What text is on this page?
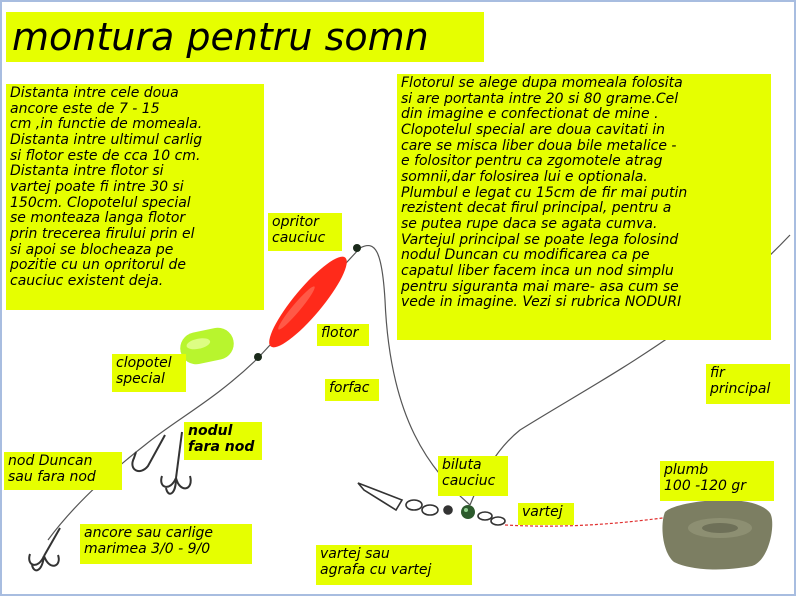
montura pentru somn
Distanta intre cele doua
ancore este de 7 - 15
cm ,in functie de momeala.
Distanta intre ultimul carlig
si flotor este de cca 10 cm.
Distanta intre flotor si
vartej poate fi intre 30 si
150cm. Clopotelul special
se monteaza langa flotor
prin trecerea firului prin el
si apoi se blocheaza pe
pozitie cu un opritorul de
cauciuc existent deja.
Flotorul se alege dupa momeala folosita
si are portanta intre 20 si 80 grame.Cel
din imagine e confectionat de mine .
Clopotelul special are doua cavitati in
care se misca liber doua bile metalice -
e folositor pentru ca zgomotele atrag
somnii,dar folosirea lui e optionala.
Plumbul e legat cu 15cm de fir mai putin
rezistent decat firul principal, pentru a
se putea rupe daca se agata cumva.
Vartejul principal se poate lega folosind
nodul Duncan cu modificarea ca pe
capatul liber facem inca un nod simplu
pentru siguranta mai mare- asa cum se
vede in imagine. Vezi si rubrica NODURI
opritor
cauciuc
flotor
clopotel
special
forfac
nodul
fara nod
nod Duncan
sau fara nod
ancore sau carlige
marimea 3/0 - 9/0
biluta
cauciuc
vartej
vartej sau
agrafa cu vartej
fir
principal
plumb
100 -120 gr
